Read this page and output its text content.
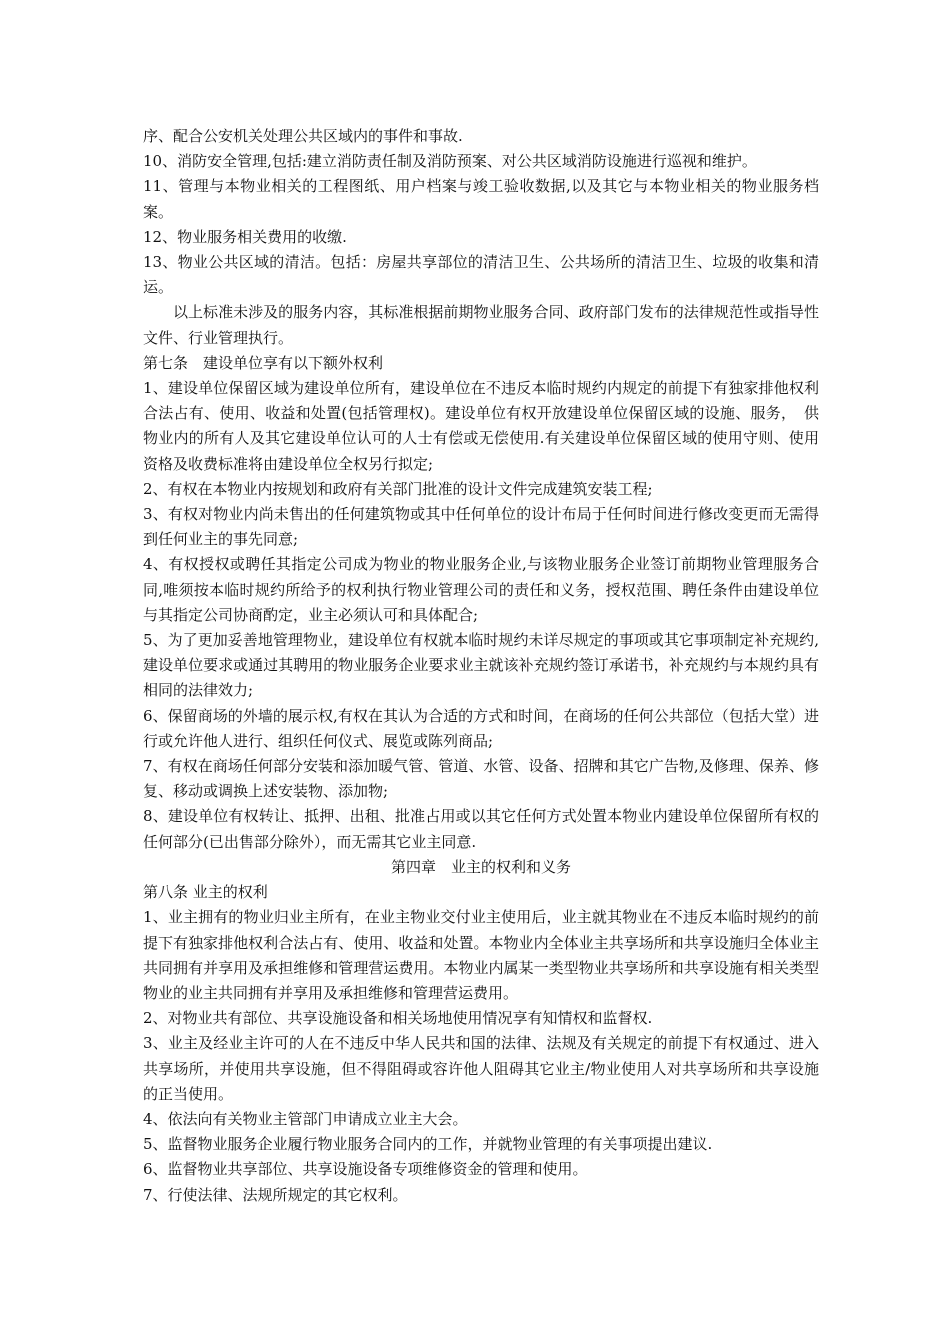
序、配合公安机关处理公共区域内的事件和事故.

10、消防安全管理,包括:建立消防责任制及消防预案、对公共区域消防设施进行巡视和维护。

11、管理与本物业相关的工程图纸、用户档案与竣工验收数据,以及其它与本物业相关的物业服务档案。

12、物业服务相关费用的收缴.

13、物业公共区域的清洁。包括：房屋共享部位的清洁卫生、公共场所的清洁卫生、垃圾的收集和清运。

以上标准未涉及的服务内容，其标准根据前期物业服务合同、政府部门发布的法律规范性或指导性文件、行业管理执行。

第七条　建设单位享有以下额外权利

1、建设单位保留区域为建设单位所有，建设单位在不违反本临时规约内规定的前提下有独家排他权利合法占有、使用、收益和处置(包括管理权)。建设单位有权开放建设单位保留区域的设施、服务，　供物业内的所有人及其它建设单位认可的人士有偿或无偿使用.有关建设单位保留区域的使用守则、使用资格及收费标准将由建设单位全权另行拟定;

2、有权在本物业内按规划和政府有关部门批准的设计文件完成建筑安装工程;

3、有权对物业内尚未售出的任何建筑物或其中任何单位的设计布局于任何时间进行修改变更而无需得到任何业主的事先同意;

4、有权授权或聘任其指定公司成为物业的物业服务企业,与该物业服务企业签订前期物业管理服务合同,唯须按本临时规约所给予的权利执行物业管理公司的责任和义务，授权范围、聘任条件由建设单位与其指定公司协商酌定，业主必须认可和具体配合;

5、为了更加妥善地管理物业，建设单位有权就本临时规约未详尽规定的事项或其它事项制定补充规约,建设单位要求或通过其聘用的物业服务企业要求业主就该补充规约签订承诺书，补充规约与本规约具有相同的法律效力;

6、保留商场的外墙的展示权,有权在其认为合适的方式和时间，在商场的任何公共部位（包括大堂）进行或允许他人进行、组织任何仪式、展览或陈列商品;

7、有权在商场任何部分安装和添加暖气管、管道、水管、设备、招牌和其它广告物,及修理、保养、修复、移动或调换上述安装物、添加物;

8、建设单位有权转让、抵押、出租、批准占用或以其它任何方式处置本物业内建设单位保留所有权的任何部分(已出售部分除外），而无需其它业主同意.

第四章　业主的权利和义务

第八条 业主的权利

1、业主拥有的物业归业主所有，在业主物业交付业主使用后，业主就其物业在不违反本临时规约的前提下有独家排他权利合法占有、使用、收益和处置。本物业内全体业主共享场所和共享设施归全体业主共同拥有并享用及承担维修和管理营运费用。本物业内属某一类型物业共享场所和共享设施有相关类型物业的业主共同拥有并享用及承担维修和管理营运费用。

2、对物业共有部位、共享设施设备和相关场地使用情况享有知情权和监督权.

3、业主及经业主许可的人在不违反中华人民共和国的法律、法规及有关规定的前提下有权通过、进入共享场所，并使用共享设施，但不得阻碍或容许他人阻碍其它业主/物业使用人对共享场所和共享设施的正当使用。

4、依法向有关物业主管部门申请成立业主大会。

5、监督物业服务企业履行物业服务合同内的工作，并就物业管理的有关事项提出建议.

6、监督物业共享部位、共享设施设备专项维修资金的管理和使用。

7、行使法律、法规所规定的其它权利。
